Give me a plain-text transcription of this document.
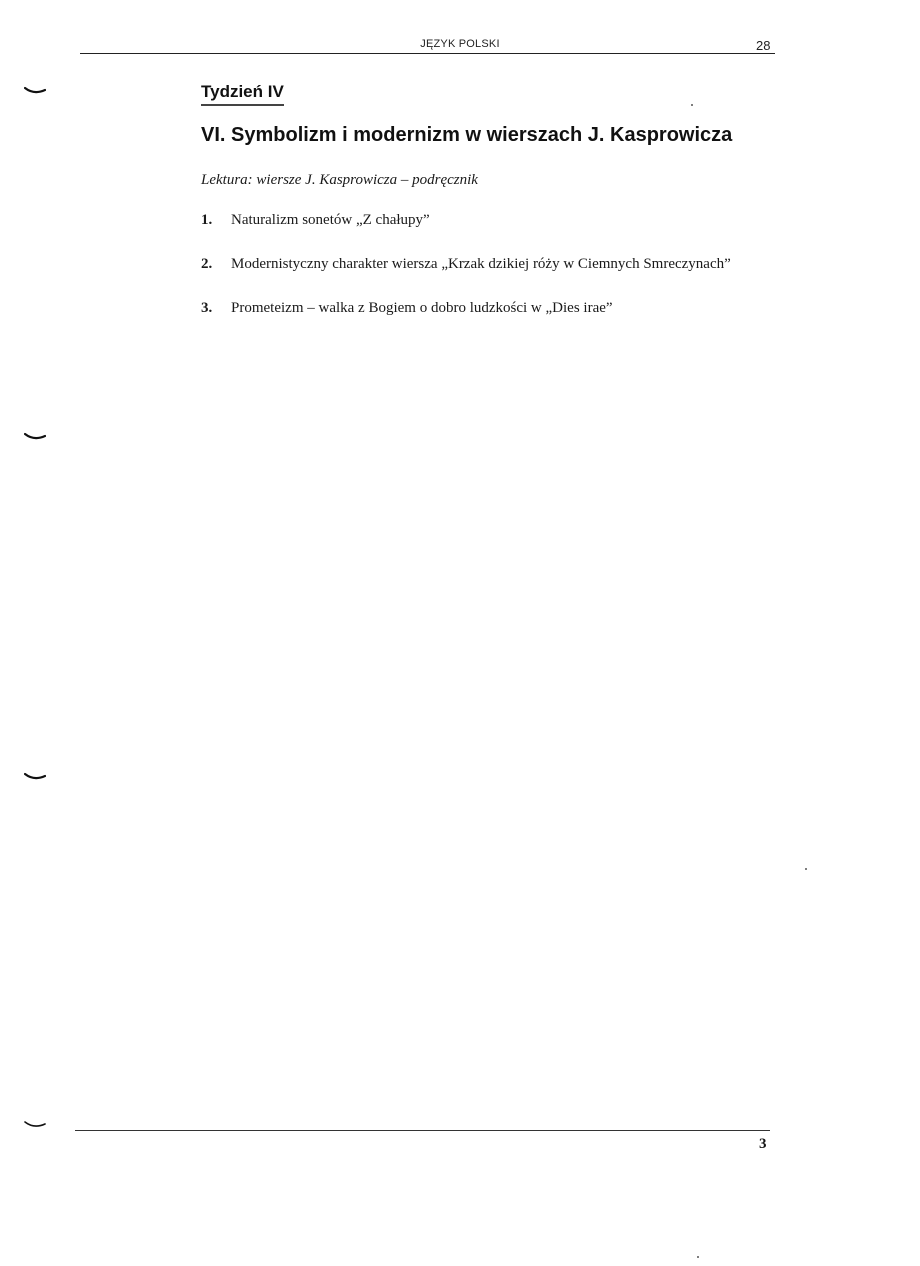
JĘZYK POLSKI	28
Tydzień IV
VI. Symbolizm i modernizm w wierszach J. Kasprowicza
Lektura: wiersze J. Kasprowicza – podręcznik
1.	Naturalizm sonetów „Z chałupy”
2.	Modernistyczny charakter wiersza „Krzak dzikiej róży w Ciemnych Smreczynach”
3.	Prometeizm – walka z Bogiem o dobro ludzkości w „Dies irae”
3
